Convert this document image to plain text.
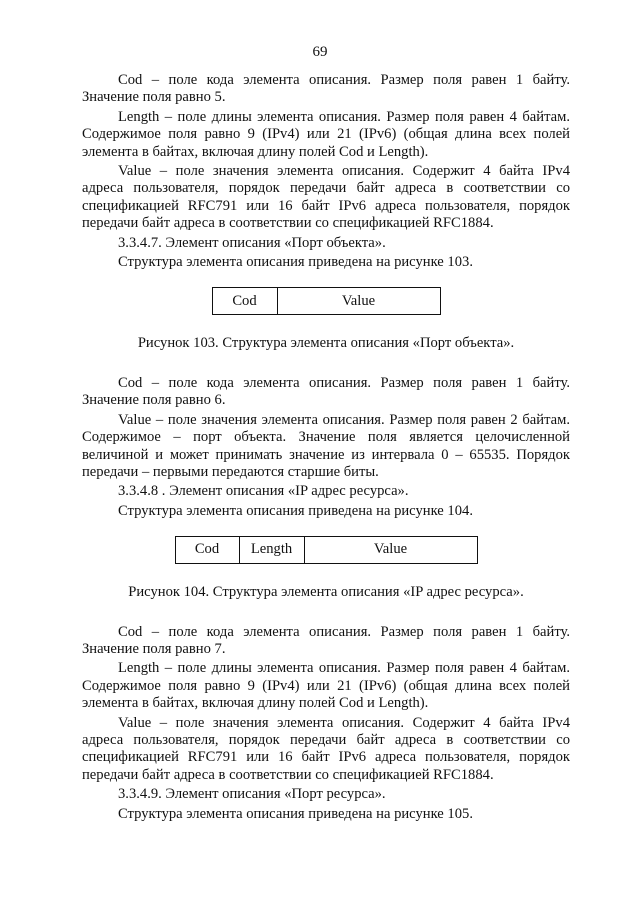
69

Cod – поле кода элемента описания. Размер поля равен 1 байту. Значение поля равно 5.

Length – поле длины элемента описания. Размер поля равен 4 байтам. Содержимое поля равно 9 (IPv4) или 21 (IPv6) (общая длина всех полей элемента в байтах, включая длину полей Cod и Length).

Value – поле значения элемента описания. Содержит 4 байта IPv4 адреса пользователя, порядок передачи байт адреса в соответствии со спецификацией RFC791 или 16 байт IPv6 адреса пользователя, порядок передачи байт адреса в соответствии со спецификацией RFC1884.

3.3.4.7. Элемент описания «Порт объекта».

Структура элемента описания приведена на рисунке 103.

Cod	Value

Рисунок 103. Структура элемента описания «Порт объекта».

Cod – поле кода элемента описания. Размер поля равен 1 байту. Значение поля равно 6.

Value – поле значения элемента описания. Размер поля равен 2 байтам. Содержимое – порт объекта. Значение поля является целочисленной величиной и может принимать значение из интервала 0 – 65535. Порядок передачи – первыми передаются старшие биты.

3.3.4.8 . Элемент описания «IP адрес ресурса».

Структура элемента описания приведена на рисунке 104.

Cod	Length	Value

Рисунок 104. Структура элемента описания «IP адрес ресурса».

Cod – поле кода элемента описания. Размер поля равен 1 байту. Значение поля равно 7.

Length – поле длины элемента описания. Размер поля равен 4 байтам. Содержимое поля равно 9 (IPv4) или 21 (IPv6) (общая длина всех полей элемента в байтах, включая длину полей Cod и Length).

Value – поле значения элемента описания. Содержит 4 байта IPv4 адреса пользователя, порядок передачи байт адреса в соответствии со спецификацией RFC791 или 16 байт IPv6 адреса пользователя, порядок передачи байт адреса в соответствии со спецификацией RFC1884.

3.3.4.9. Элемент описания «Порт ресурса».

Структура элемента описания приведена на рисунке 105.
